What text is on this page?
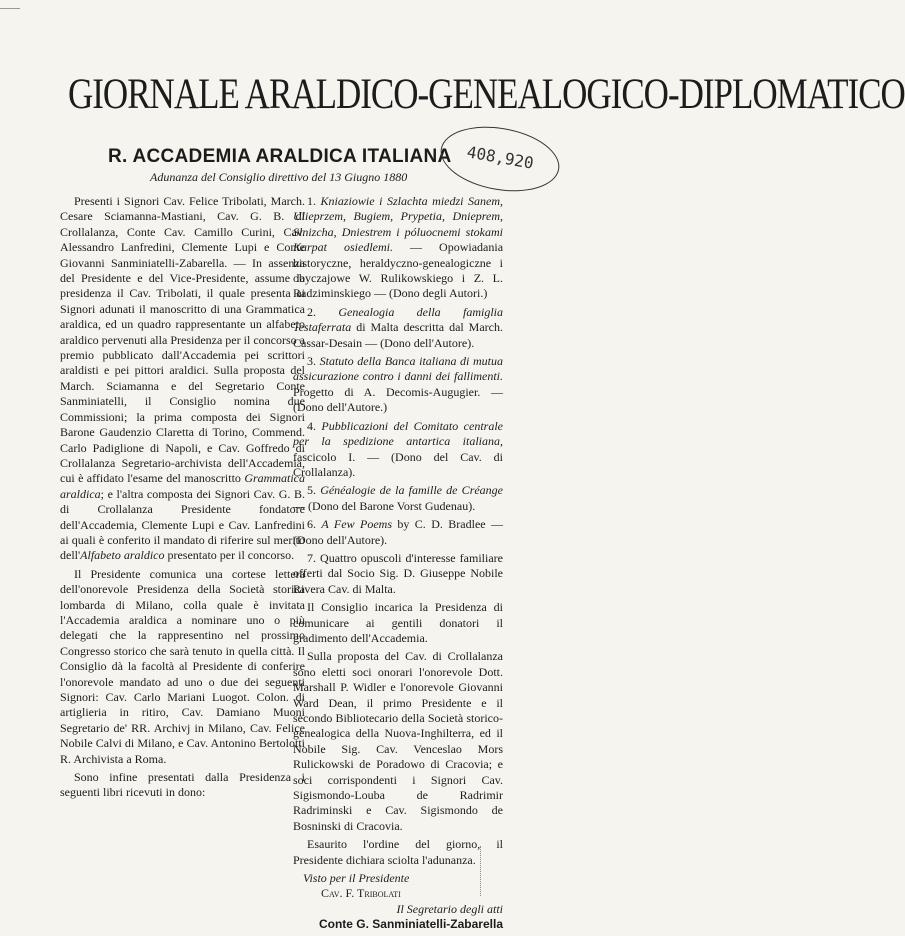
GIORNALE ARALDICO-GENEALOGICO-DIPLOMATICO
R. ACCADEMIA ARALDICA ITALIANA
Adunanza del Consiglio direttivo del 13 Giugno 1880
408,920

Presenti i Signori Cav. Felice Tribolati, March. Cesare Sciamanna-Mastiani, Cav. G. B. di Crollalanza, Conte Cav. Camillo Curini, Cav. Alessandro Lanfredini, Clemente Lupi e Conte Giovanni Sanminiatelli-Zabarella. — In assenza del Presidente e del Vice-Presidente, assume la presidenza il Cav. Tribolati, il quale presenta ai Signori adunati il manoscritto di una Grammatica araldica, ed un quadro rappresentante un alfabeto araldico pervenuti alla Presidenza per il concorso a premio pubblicato dall'Accademia pei scrittori araldisti e pei pittori araldici. Sulla proposta del March. Sciamanna e del Segretario Conte Sanminiatelli, il Consiglio nomina due Commissioni; la prima composta dei Signori Barone Gaudenzio Claretta di Torino, Commend. Carlo Padiglione di Napoli, e Cav. Goffredo di Crollalanza Segretario-archivista dell'Accademia, cui è affidato l'esame del manoscritto Grammatica araldica; e l'altra composta dei Signori Cav. G. B. di Crollalanza Presidente fondatore dell'Accademia, Clemente Lupi e Cav. Lanfredini ai quali è conferito il mandato di riferire sul merito dell'Alfabeto araldico presentato per il concorso.

Il Presidente comunica una cortese lettera dell'onorevole Presidenza della Società storica lombarda di Milano, colla quale è invitata l'Accademia araldica a nominare uno o più delegati che la rappresentino nel prossimo Congresso storico che sarà tenuto in quella città. Il Consiglio dà la facoltà al Presidente di conferire l'onorevole mandato ad uno o due dei seguenti Signori: Cav. Carlo Mariani Luogot. Colon. di artiglieria in ritiro, Cav. Damiano Muoni Segretario de' RR. Archivj in Milano, Cav. Felice Nobile Calvi di Milano, e Cav. Antonino Bertolotti R. Archivista a Roma.

Sono infine presentati dalla Presidenza i seguenti libri ricevuti in dono:

1. Kniaziowie i Szlachta miedzi Sanem, Ulieprzem, Bugiem, Prypetia, Dnieprem, Slnizcha, Dniestrem i póluocnemi stokami Karpat osiedlemi. — Opowiadania historyczne, heraldyczno-genealogiczne i obyczajowe W. Rulikowskiego i Z. L. Radziminskiego — (Dono degli Autori.)

2. Genealogia della famiglia Testaferrata di Malta descritta dal March. Cassar-Desain — (Dono dell'Autore).

3. Statuto della Banca italiana di mutua assicurazione contro i danni dei fallimenti. Progetto di A. Decomis-Augugier. — (Dono dell'Autore.)

4. Pubblicazioni del Comitato centrale per la spedizione antartica italiana, fascicolo I. — (Dono del Cav. di Crollalanza).

5. Généalogie de la famille de Créange — (Dono del Barone Vorst Gudenau).

6. A Few Poems by C. D. Bradlee — (Dono dell'Autore).

7. Quattro opuscoli d'interesse familiare offerti dal Socio Sig. D. Giuseppe Nobile Rivera Cav. di Malta.

Il Consiglio incarica la Presidenza di comunicare ai gentili donatori il gradimento dell'Accademia.

Sulla proposta del Cav. di Crollalanza sono eletti soci onorari l'onorevole Dott. Marshall P. Widler e l'onorevole Giovanni Ward Dean, il primo Presidente e il secondo Bibliotecario della Società storico-genealogica della Nuova-Inghilterra, ed il Nobile Sig. Cav. Venceslao Mors Rulickowski de Poradowo di Cracovia; e soci corrispondenti i Signori Cav. Sigismondo-Louba de Radrimir Radriminski e Cav. Sigismondo de Bosninski di Cracovia.

Esaurito l'ordine del giorno, il Presidente dichiara sciolta l'adunanza.

Visto per il Presidente
Cav. F. Tribolati
Il Segretario degli atti
Conte G. Sanminiatelli-Zabarella
